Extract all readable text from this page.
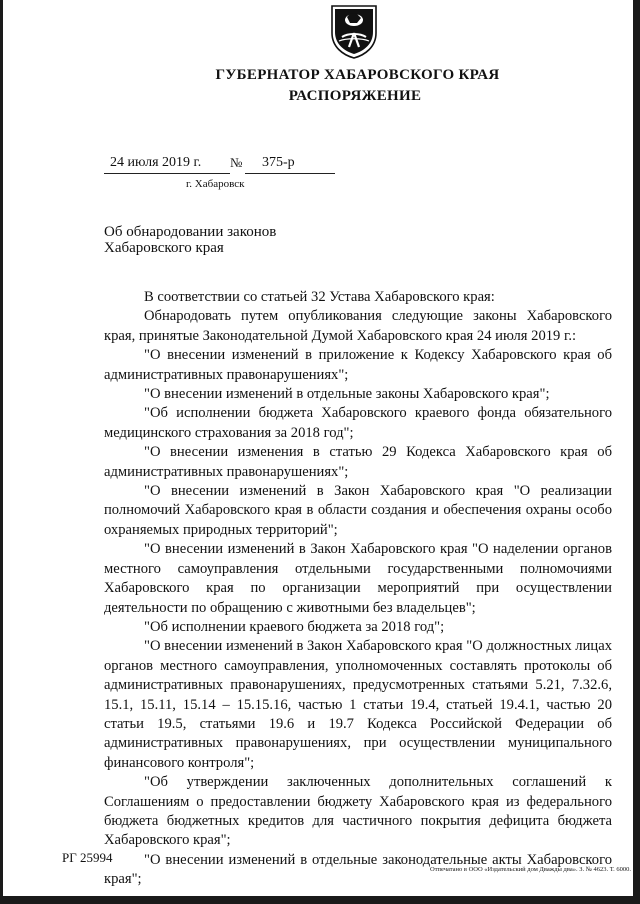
ГУБЕРНАТОР ХАБАРОВСКОГО КРАЯ
РАСПОРЯЖЕНИЕ
24 июля 2019 г. № 375-р
г. Хабаровск
Об обнародовании законов
Хабаровского края

В соответствии со статьей 32 Устава Хабаровского края:

Обнародовать путем опубликования следующие законы Хабаровского края, принятые Законодательной Думой Хабаровского края 24 июля 2019 г.:

"О внесении изменений в приложение к Кодексу Хабаровского края об административных правонарушениях";

"О внесении изменений в отдельные законы Хабаровского края";

"Об исполнении бюджета Хабаровского краевого фонда обязательного медицинского страхования за 2018 год";

"О внесении изменения в статью 29 Кодекса Хабаровского края об административных правонарушениях";

"О внесении изменений в Закон Хабаровского края "О реализации полномочий Хабаровского края в области создания и обеспечения охраны особо охраняемых природных территорий";

"О внесении изменений в Закон Хабаровского края "О наделении органов местного самоуправления отдельными государственными полномочиями Хабаровского края по организации мероприятий при осуществлении деятельности по обращению с животными без владельцев";

"Об исполнении краевого бюджета за 2018 год";

"О внесении изменений в Закон Хабаровского края "О должностных лицах органов местного самоуправления, уполномоченных составлять протоколы об административных правонарушениях, предусмотренных статьями 5.21, 7.32.6, 15.1, 15.11, 15.14 – 15.15.16, частью 1 статьи 19.4, статьей 19.4.1, частью 20 статьи 19.5, статьями 19.6 и 19.7 Кодекса Российской Федерации об административных правонарушениях, при осуществлении муниципального финансового контроля";

"Об утверждении заключенных дополнительных соглашений к Соглашениям о предоставлении бюджету Хабаровского края из федерального бюджета бюджетных кредитов для частичного покрытия дефицита бюджета Хабаровского края";

"О внесении изменений в отдельные законодательные акты Хабаровского края";

РГ 25994
Отпечатано в ООО «Издательский дом Дважды два». З. № 4623. Т. 6000.
